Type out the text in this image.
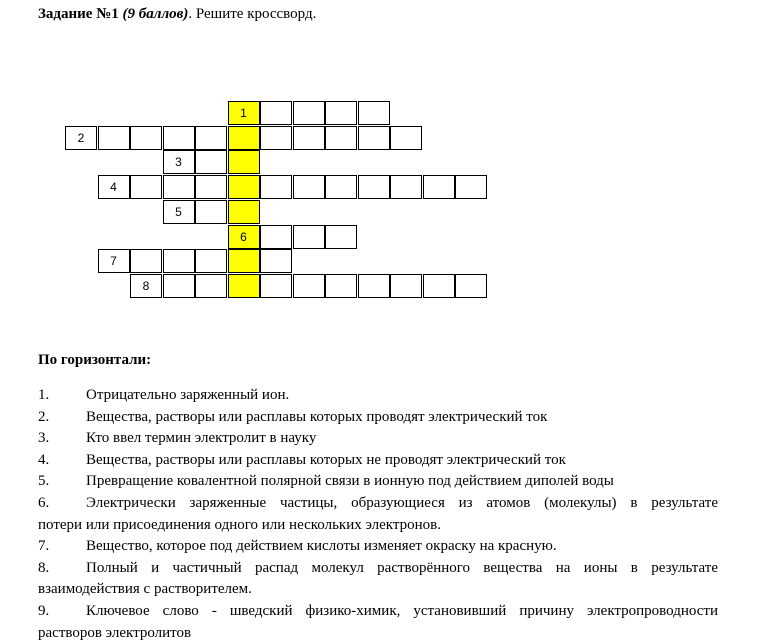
Задание №1 (9 баллов). Решите кроссворд.
1
2
3
4
5
6
7
8
По горизонтали:
1.	Отрицательно заряженный ион.
2.	Вещества, растворы или расплавы которых проводят электрический ток
3.	Кто ввел термин электролит в науку
4.	Вещества, растворы или расплавы которых не проводят электрический ток
5.	Превращение ковалентной полярной связи в ионную под действием диполей воды
6.	Электрически заряженные частицы, образующиеся из атомов (молекулы) в результате
потери или присоединения одного или нескольких электронов.
7.	Вещество, которое под действием кислоты изменяет окраску на красную.
8.	Полный и частичный распад молекул растворённого вещества на ионы в результате
взаимодействия с растворителем.
9.	Ключевое слово - шведский физико-химик, установивший причину электропроводности
растворов электролитов
